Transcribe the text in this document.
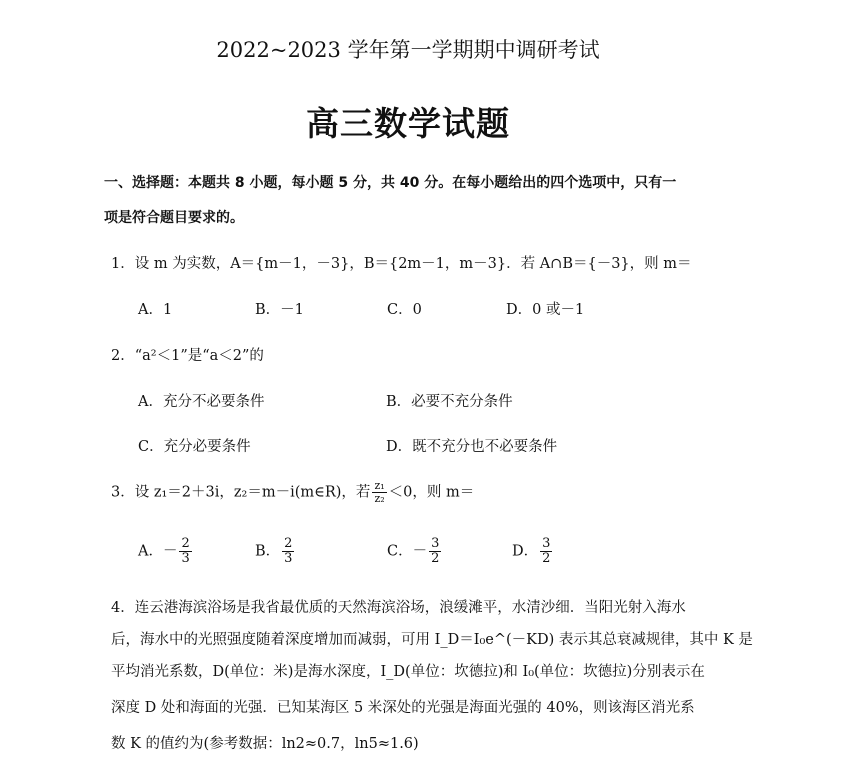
2022~2023 学年第一学期期中调研考试
高三数学试题
一、选择题：本题共 8 小题，每小题 5 分，共 40 分。在每小题给出的四个选项中，只有一
项是符合题目要求的。
1．设 m 为实数，A＝{m－1，－3}，B＝{2m－1，m－3}．若 A∩B＝{－3}，则 m＝
A．1	B．－1	C．0	D．0 或－1
2．“a²＜1”是“a＜2”的
A．充分不必要条件	B．必要不充分条件
C．充分必要条件	D．既不充分也不必要条件
3．设 z₁＝2＋3i，z₂＝m－i(m∈R)，若 $\frac{\text{z₁}}{\text{z₂}} <0$，则 m＝
A．－ $\frac{2}{3}$	B． $\frac{2}{3}$	C．－ $\frac{3}{2}$	D． $\frac{3}{2}$
4．连云港海滨浴场是我省最优质的天然海滨浴场，浪缓滩平，水清沙细．当阳光射入海水
后，海水中的光照强度随着深度增加而减弱，可用 I_D＝I₀e^(－KD) 表示其总衰减规律，其中 K 是
平均消光系数，D(单位：米)是海水深度，I_D(单位：坎德拉)和 I₀(单位：坎德拉)分别表示在
深度 D 处和海面的光强．已知某海区 5 米深处的光强是海面光强的 40%，则该海区消光系
数 K 的值约为(参考数据：ln2≈0.7，ln5≈1.6)
